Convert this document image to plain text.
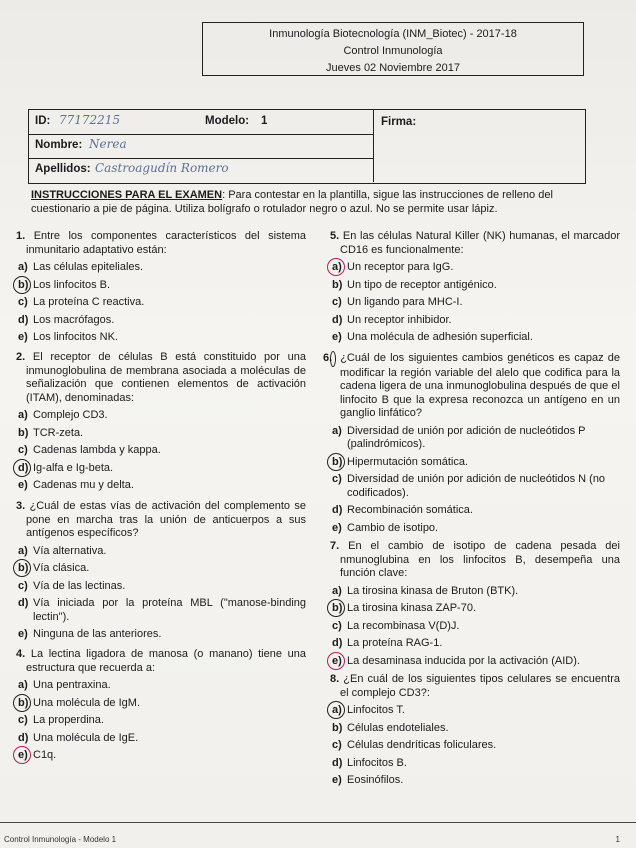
Inmunología Biotecnología (INM_Biotec) - 2017-18
Control Inmunología
Jueves 02 Noviembre 2017
ID: 77172215	Modelo: 1
Nombre: Nerea
Apellidos: Castroagudín Romero
Firma:
INSTRUCCIONES PARA EL EXAMEN: Para contestar en la plantilla, sigue las instrucciones de relleno del cuestionario a pie de página. Utiliza bolígrafo o rotulador negro o azul. No se permite usar lápiz.
1. Entre los componentes característicos del sistema inmunitario adaptativo están:
a) Las células epiteliales.
b) Los linfocitos B.
c) La proteína C reactiva.
d) Los macrófagos.
e) Los linfocitos NK.
2. El receptor de células B está constituido por una inmunoglobulina de membrana asociada a moléculas de señalización que contienen elementos de activación (ITAM), denominadas:
a) Complejo CD3.
b) TCR-zeta.
c) Cadenas lambda y kappa.
d) Ig-alfa e Ig-beta.
e) Cadenas mu y delta.
3. ¿Cuál de estas vías de activación del complemento se pone en marcha tras la unión de anticuerpos a sus antígenos específicos?
a) Vía alternativa.
b) Vía clásica.
c) Vía de las lectinas.
d) Vía iniciada por la proteína MBL ("manose-binding lectin").
e) Ninguna de las anteriores.
4. La lectina ligadora de manosa (o manano) tiene una estructura que recuerda a:
a) Una pentraxina.
b) Una molécula de IgM.
c) La properdina.
d) Una molécula de IgE.
e) C1q.
5. En las células Natural Killer (NK) humanas, el marcador CD16 es funcionalmente:
a) Un receptor para IgG.
b) Un tipo de receptor antigénico.
c) Un ligando para MHC-I.
d) Un receptor inhibidor.
e) Una molécula de adhesión superficial.
6. ¿Cuál de los siguientes cambios genéticos es capaz de modificar la región variable del alelo que codifica para la cadena ligera de una inmunoglobulina después de que el linfocito B que la expresa reconozca un antígeno en un ganglio linfático?
a) Diversidad de unión por adición de nucleótidos P (palindrómicos).
b) Hipermutación somática.
c) Diversidad de unión por adición de nucleótidos N (no codificados).
d) Recombinación somática.
e) Cambio de isotipo.
7. En el cambio de isotipo de cadena pesada dei nmunoglubina en los linfocitos B, desempeña una función clave:
a) La tirosina kinasa de Bruton (BTK).
b) La tirosina kinasa ZAP-70.
c) La recombinasa V(D)J.
d) La proteína RAG-1.
e) La desaminasa inducida por la activación (AID).
8. ¿En cuál de los siguientes tipos celulares se encuentra el complejo CD3?:
a) Linfocitos T.
b) Células endoteliales.
c) Células dendríticas foliculares.
d) Linfocitos B.
e) Eosinófilos.
Control Inmunología - Modelo 1	1
